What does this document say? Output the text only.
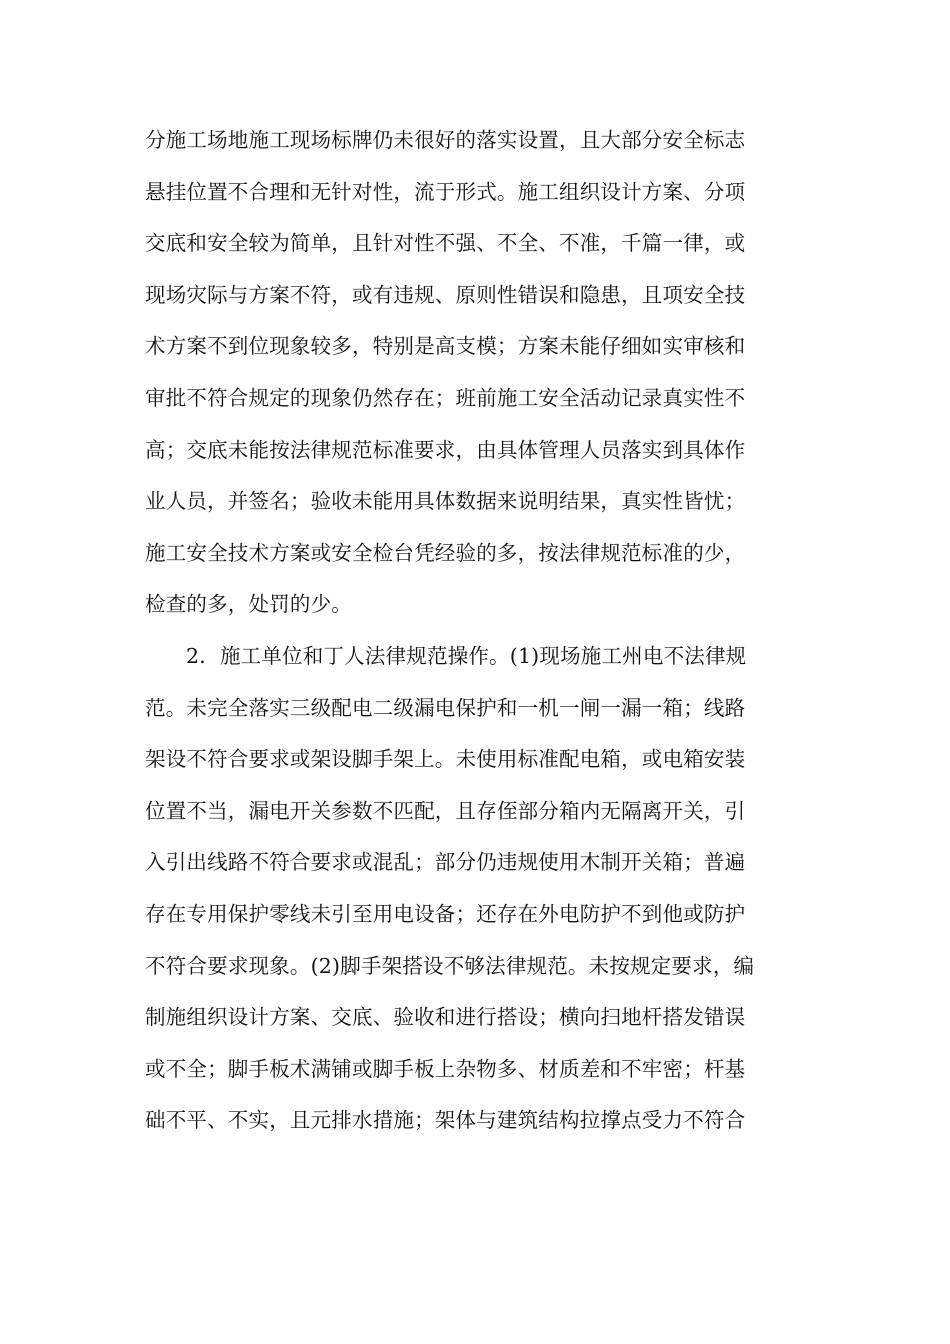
分施工场地施工现场标牌仍未很好的落实设置，且大部分安全标志
悬挂位置不合理和无针对性，流于形式。施工组织设计方案、分项
交底和安全较为简单，且针对性不强、不全、不准，千篇一律，或
现场灾际与方案不符，或有违规、原则性错误和隐患，且项安全技
术方案不到位现象较多，特别是高支模；方案未能仔细如实审核和
审批不符合规定的现象仍然存在；班前施工安全活动记录真实性不
高；交底未能按法律规范标准要求，由具体管理人员落实到具体作
业人员，并签名；验收未能用具体数据来说明结果，真实性皆忧；
施工安全技术方案或安全检台凭经验的多，按法律规范标准的少，
检查的多，处罚的少。
2．施工单位和丁人法律规范操作。(1)现场施工州电不法律规
范。未完全落实三级配电二级漏电保护和一机一闸一漏一箱；线路
架设不符合要求或架设脚手架上。未使用标准配电箱，或电箱安装
位置不当，漏电开关参数不匹配，且存侄部分箱内无隔离开关，引
入引出线路不符合要求或混乱；部分仍违规使用木制开关箱；普遍
存在专用保护零线未引至用电设备；还存在外电防护不到他或防护
不符合要求现象。(2)脚手架搭设不够法律规范。未按规定要求，编
制施组织设计方案、交底、验收和进行搭设；横向扫地杆搭发错误
或不全；脚手板术满铺或脚手板上杂物多、材质差和不牢密；杆基
础不平、不实，且元排水措施；架体与建筑结构拉撑点受力不符合
